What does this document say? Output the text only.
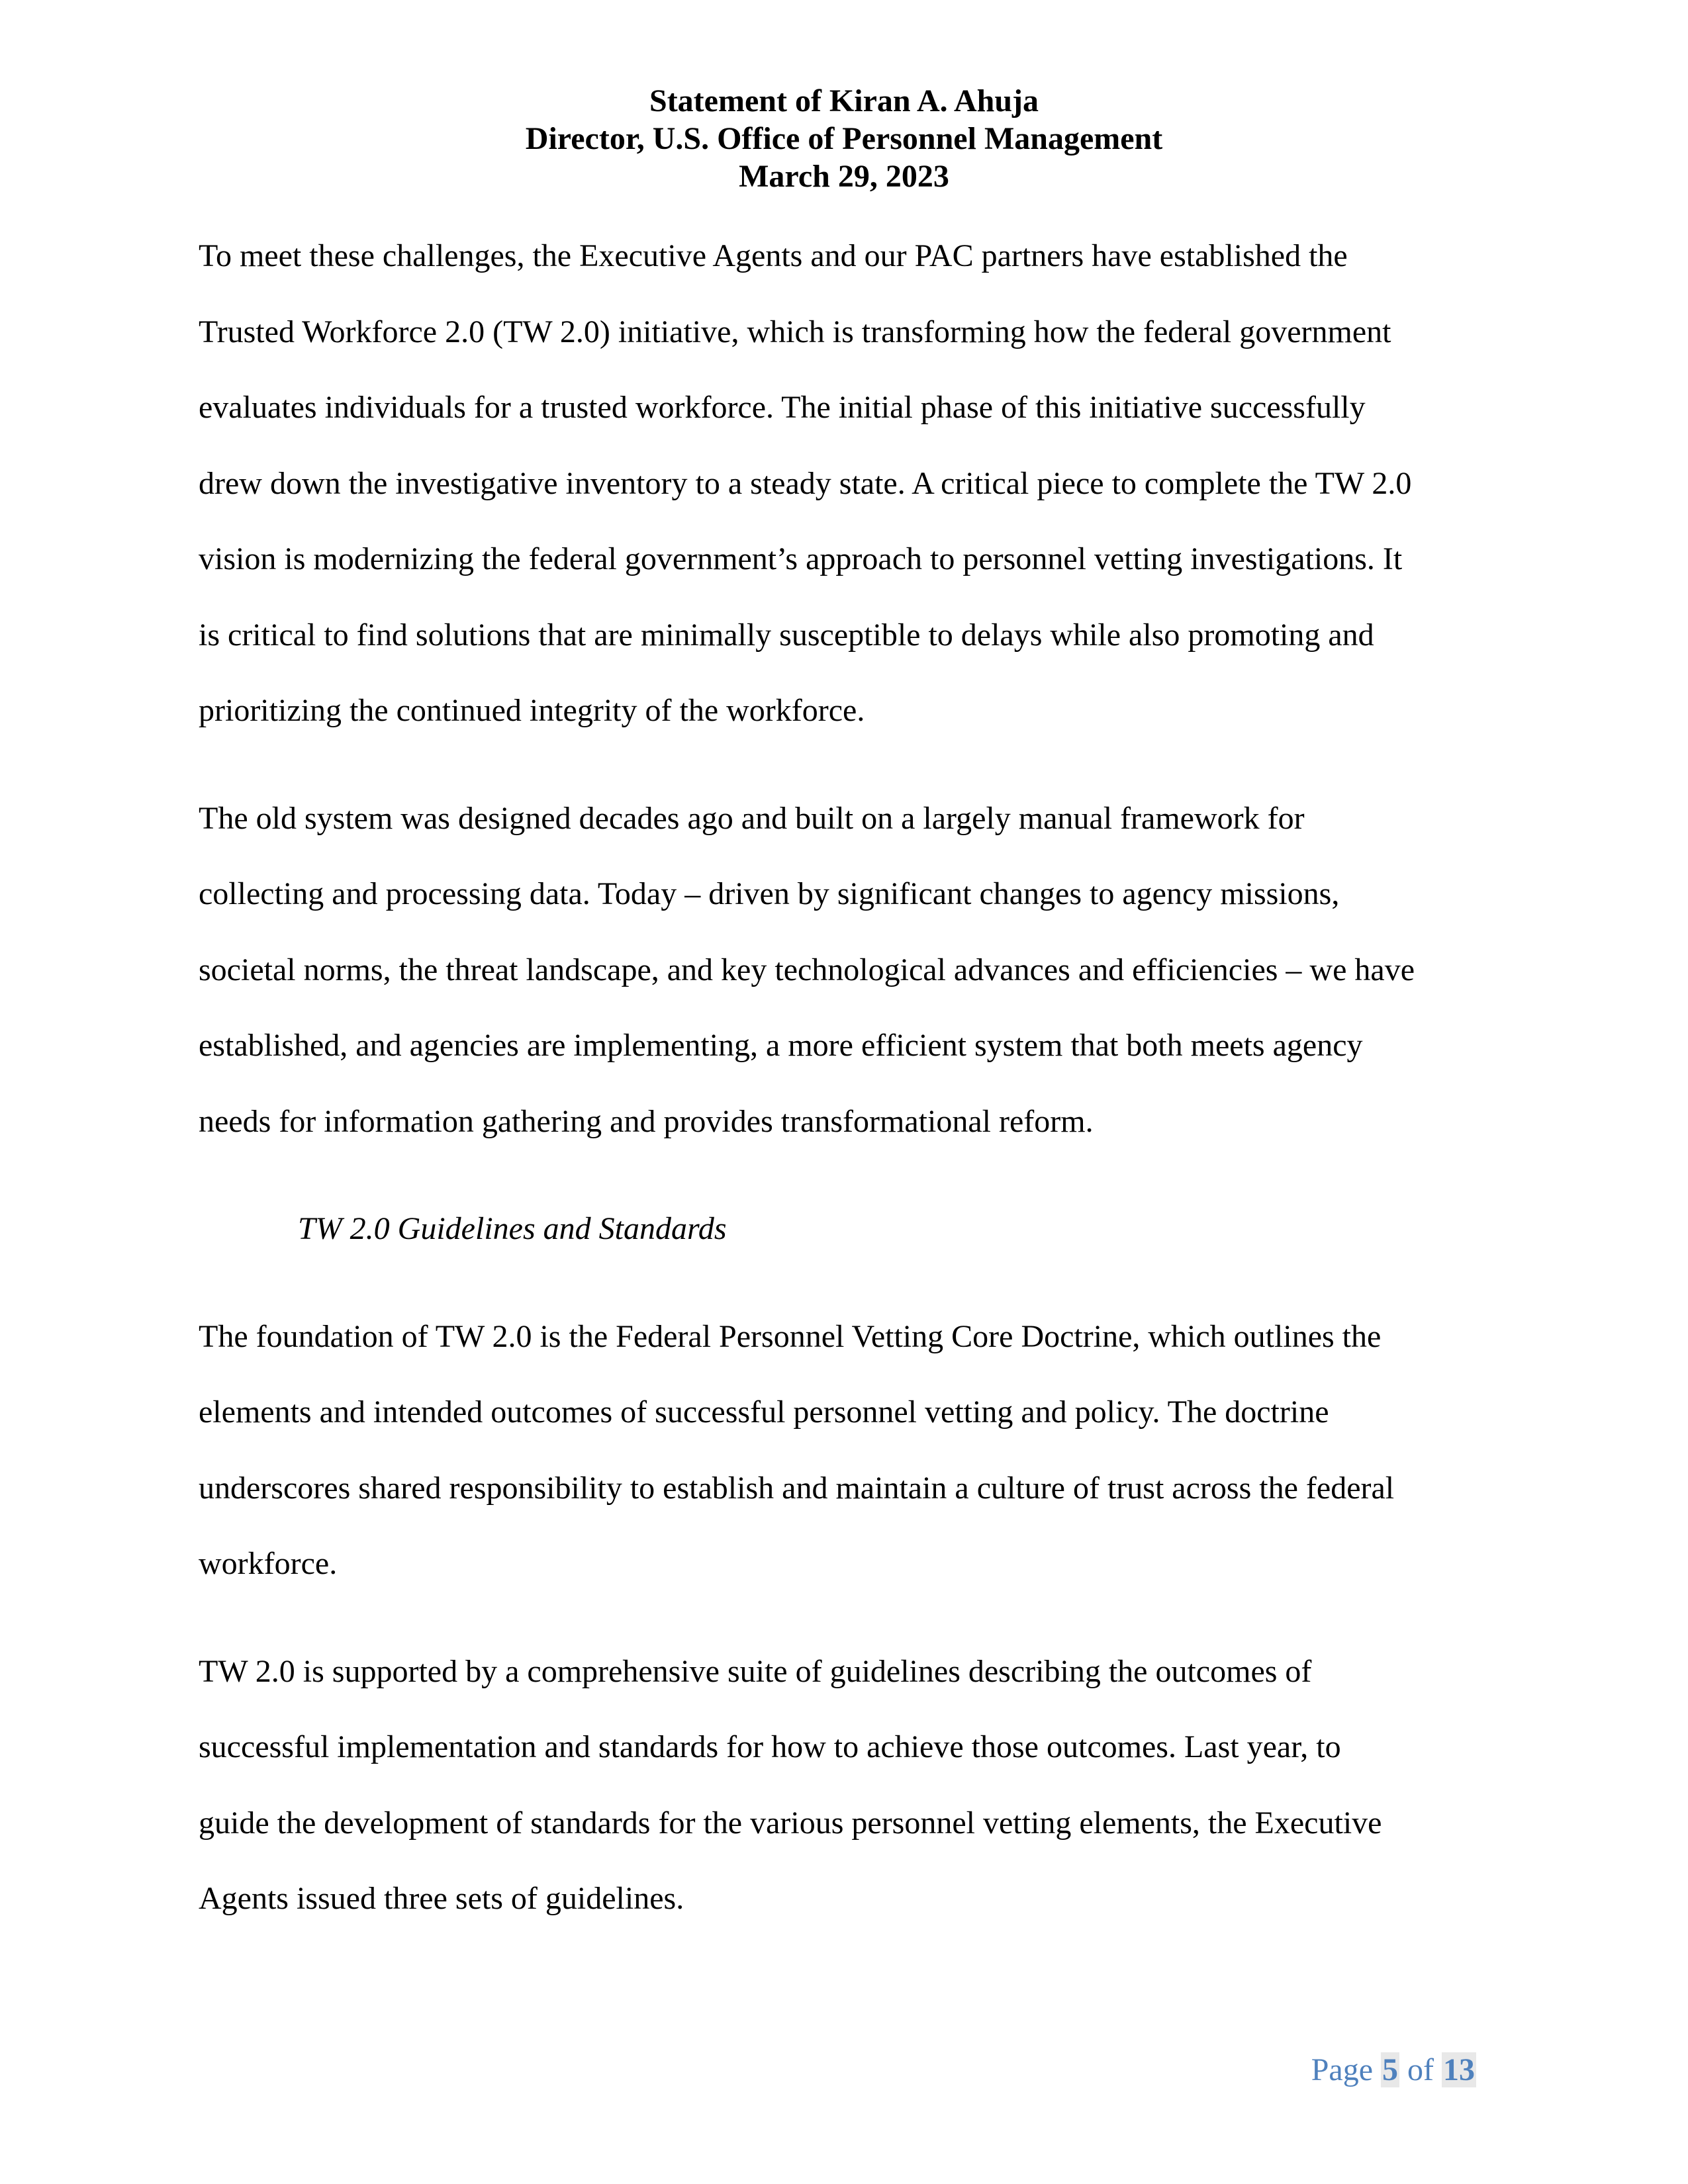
Statement of Kiran A. Ahuja
Director, U.S. Office of Personnel Management
March 29, 2023

To meet these challenges, the Executive Agents and our PAC partners have established the
Trusted Workforce 2.0 (TW 2.0) initiative, which is transforming how the federal government
evaluates individuals for a trusted workforce. The initial phase of this initiative successfully
drew down the investigative inventory to a steady state. A critical piece to complete the TW 2.0
vision is modernizing the federal government’s approach to personnel vetting investigations. It
is critical to find solutions that are minimally susceptible to delays while also promoting and
prioritizing the continued integrity of the workforce.

The old system was designed decades ago and built on a largely manual framework for
collecting and processing data. Today – driven by significant changes to agency missions,
societal norms, the threat landscape, and key technological advances and efficiencies – we have
established, and agencies are implementing, a more efficient system that both meets agency
needs for information gathering and provides transformational reform.

TW 2.0 Guidelines and Standards

The foundation of TW 2.0 is the Federal Personnel Vetting Core Doctrine, which outlines the
elements and intended outcomes of successful personnel vetting and policy. The doctrine
underscores shared responsibility to establish and maintain a culture of trust across the federal
workforce.

TW 2.0 is supported by a comprehensive suite of guidelines describing the outcomes of
successful implementation and standards for how to achieve those outcomes. Last year, to
guide the development of standards for the various personnel vetting elements, the Executive
Agents issued three sets of guidelines.

Page 5 of 13
